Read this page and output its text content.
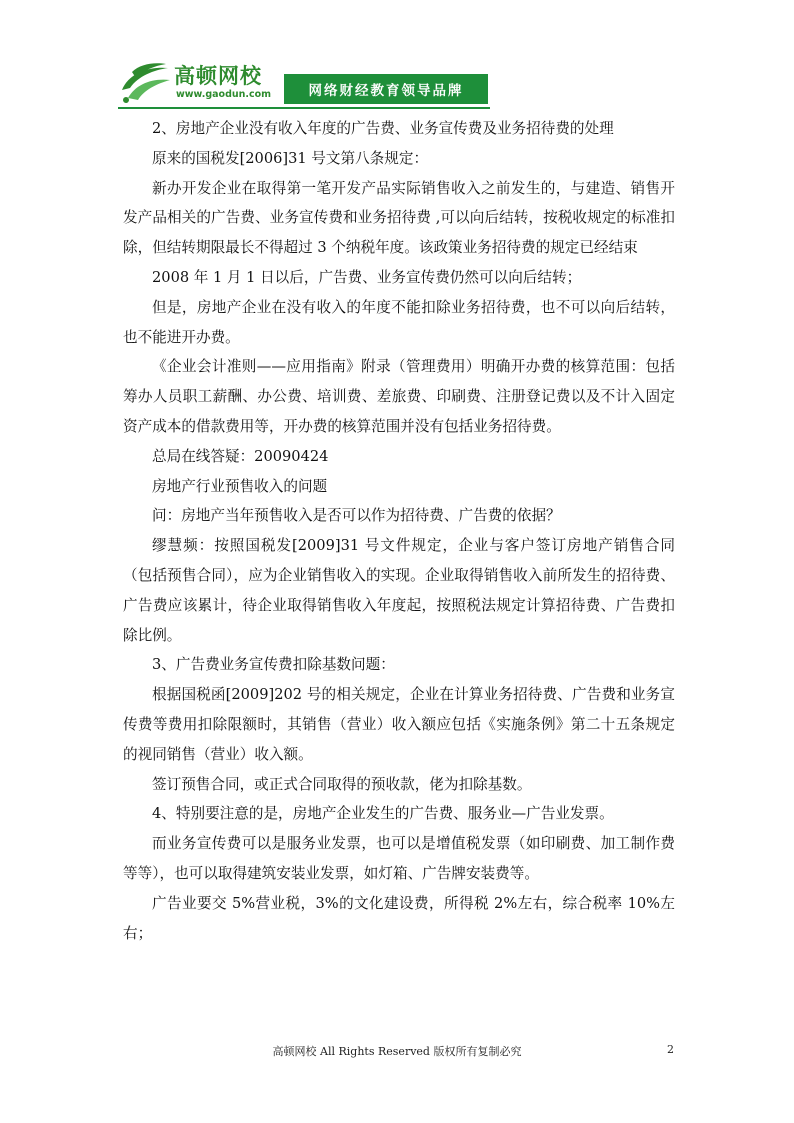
高顿网校
www.gaodun.com	网络财经教育领导品牌

2、房地产企业没有收入年度的广告费、业务宣传费及业务招待费的处理

原来的国税发[2006]31 号文第八条规定：

新办开发企业在取得第一笔开发产品实际销售收入之前发生的，与建造、销售开发产品相关的广告费、业务宣传费和业务招待费 ,可以向后结转，按税收规定的标准扣除，但结转期限最长不得超过 3 个纳税年度。该政策业务招待费的规定已经结束

2008 年 1 月 1 日以后，广告费、业务宣传费仍然可以向后结转；

但是，房地产企业在没有收入的年度不能扣除业务招待费，也不可以向后结转，也不能进开办费。

《企业会计准则——应用指南》附录（管理费用）明确开办费的核算范围：包括筹办人员职工薪酬、办公费、培训费、差旅费、印刷费、注册登记费以及不计入固定资产成本的借款费用等，开办费的核算范围并没有包括业务招待费。

总局在线答疑：20090424

房地产行业预售收入的问题

问：房地产当年预售收入是否可以作为招待费、广告费的依据？

缪慧频：按照国税发[2009]31 号文件规定，企业与客户签订房地产销售合同（包括预售合同），应为企业销售收入的实现。企业取得销售收入前所发生的招待费、广告费应该累计，待企业取得销售收入年度起，按照税法规定计算招待费、广告费扣除比例。

3、广告费业务宣传费扣除基数问题：

根据国税函[2009]202 号的相关规定，企业在计算业务招待费、广告费和业务宣传费等费用扣除限额时，其销售（营业）收入额应包括《实施条例》第二十五条规定的视同销售（营业）收入额。

签订预售合同，或正式合同取得的预收款，佬为扣除基数。

4、特别要注意的是，房地产企业发生的广告费、服务业—广告业发票。

而业务宣传费可以是服务业发票，也可以是增值税发票（如印刷费、加工制作费等等），也可以取得建筑安装业发票，如灯箱、广告牌安装费等。

广告业要交 5%营业税，3%的文化建设费，所得税 2%左右，综合税率 10%左右；

高顿网校 All Rights Reserved 版权所有复制必究	2
